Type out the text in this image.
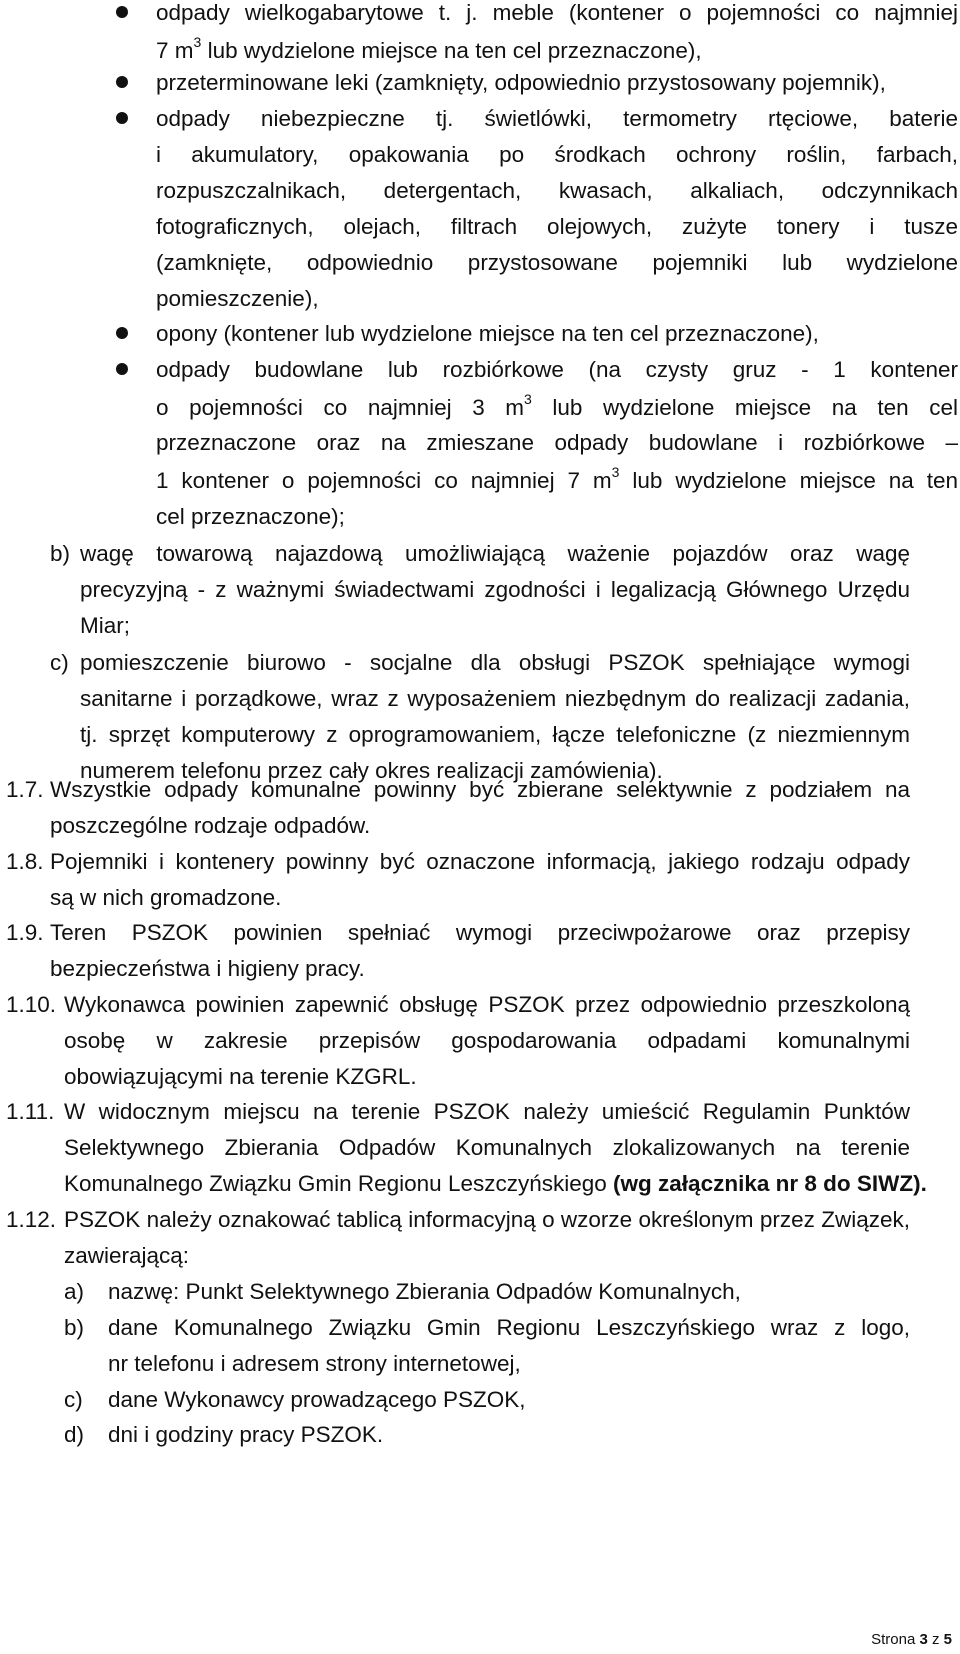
odpady wielkogabarytowe t. j. meble (kontener o pojemności co najmniej
7 $m^3$ lub wydzielone miejsce na ten cel przeznaczone),
przeterminowane leki (zamknięty, odpowiednio przystosowany pojemnik),
odpady niebezpieczne tj. świetlówki, termometry rtęciowe, baterie
i akumulatory, opakowania po środkach ochrony roślin, farbach,
rozpuszczalnikach, detergentach, kwasach, alkaliach, odczynnikach
fotograficznych, olejach, filtrach olejowych, zużyte tonery i tusze
(zamknięte, odpowiednio przystosowane pojemniki lub wydzielone
pomieszczenie),
opony (kontener lub wydzielone miejsce na ten cel przeznaczone),
odpady budowlane lub rozbiórkowe (na czysty gruz - 1 kontener
o pojemności co najmniej 3 $m^3$ lub wydzielone miejsce na ten cel
przeznaczone oraz na zmieszane odpady budowlane i rozbiórkowe –
1 kontener o pojemności co najmniej 7 $m^3$ lub wydzielone miejsce na ten
cel przeznaczone);
b) wagę towarową najazdową umożliwiającą ważenie pojazdów oraz wagę
precyzyjną - z ważnymi świadectwami zgodności i legalizacją Głównego Urzędu
Miar;
c) pomieszczenie biurowo - socjalne dla obsługi PSZOK spełniające wymogi
sanitarne i porządkowe, wraz z wyposażeniem niezbędnym do realizacji zadania,
tj. sprzęt komputerowy z oprogramowaniem, łącze telefoniczne (z niezmiennym
numerem telefonu przez cały okres realizacji zamówienia).
1.7. Wszystkie odpady komunalne powinny być zbierane selektywnie z podziałem na
poszczególne rodzaje odpadów.
1.8. Pojemniki i kontenery powinny być oznaczone informacją, jakiego rodzaju odpady
są w nich gromadzone.
1.9. Teren PSZOK powinien spełniać wymogi przeciwpożarowe oraz przepisy
bezpieczeństwa i higieny pracy.
1.10. Wykonawca powinien zapewnić obsługę PSZOK przez odpowiednio przeszkoloną
osobę w zakresie przepisów gospodarowania odpadami komunalnymi
obowiązującymi na terenie KZGRL.
1.11. W widocznym miejscu na terenie PSZOK należy umieścić Regulamin Punktów
Selektywnego Zbierania Odpadów Komunalnych zlokalizowanych na terenie
Komunalnego Związku Gmin Regionu Leszczyńskiego (wg załącznika nr 8 do SIWZ).
1.12. PSZOK należy oznakować tablicą informacyjną o wzorze określonym przez Związek,
zawierającą:
a) nazwę: Punkt Selektywnego Zbierania Odpadów Komunalnych,
b) dane Komunalnego Związku Gmin Regionu Leszczyńskiego wraz z logo,
nr telefonu i adresem strony internetowej,
c) dane Wykonawcy prowadzącego PSZOK,
d) dni i godziny pracy PSZOK.
Strona 3 z 5
